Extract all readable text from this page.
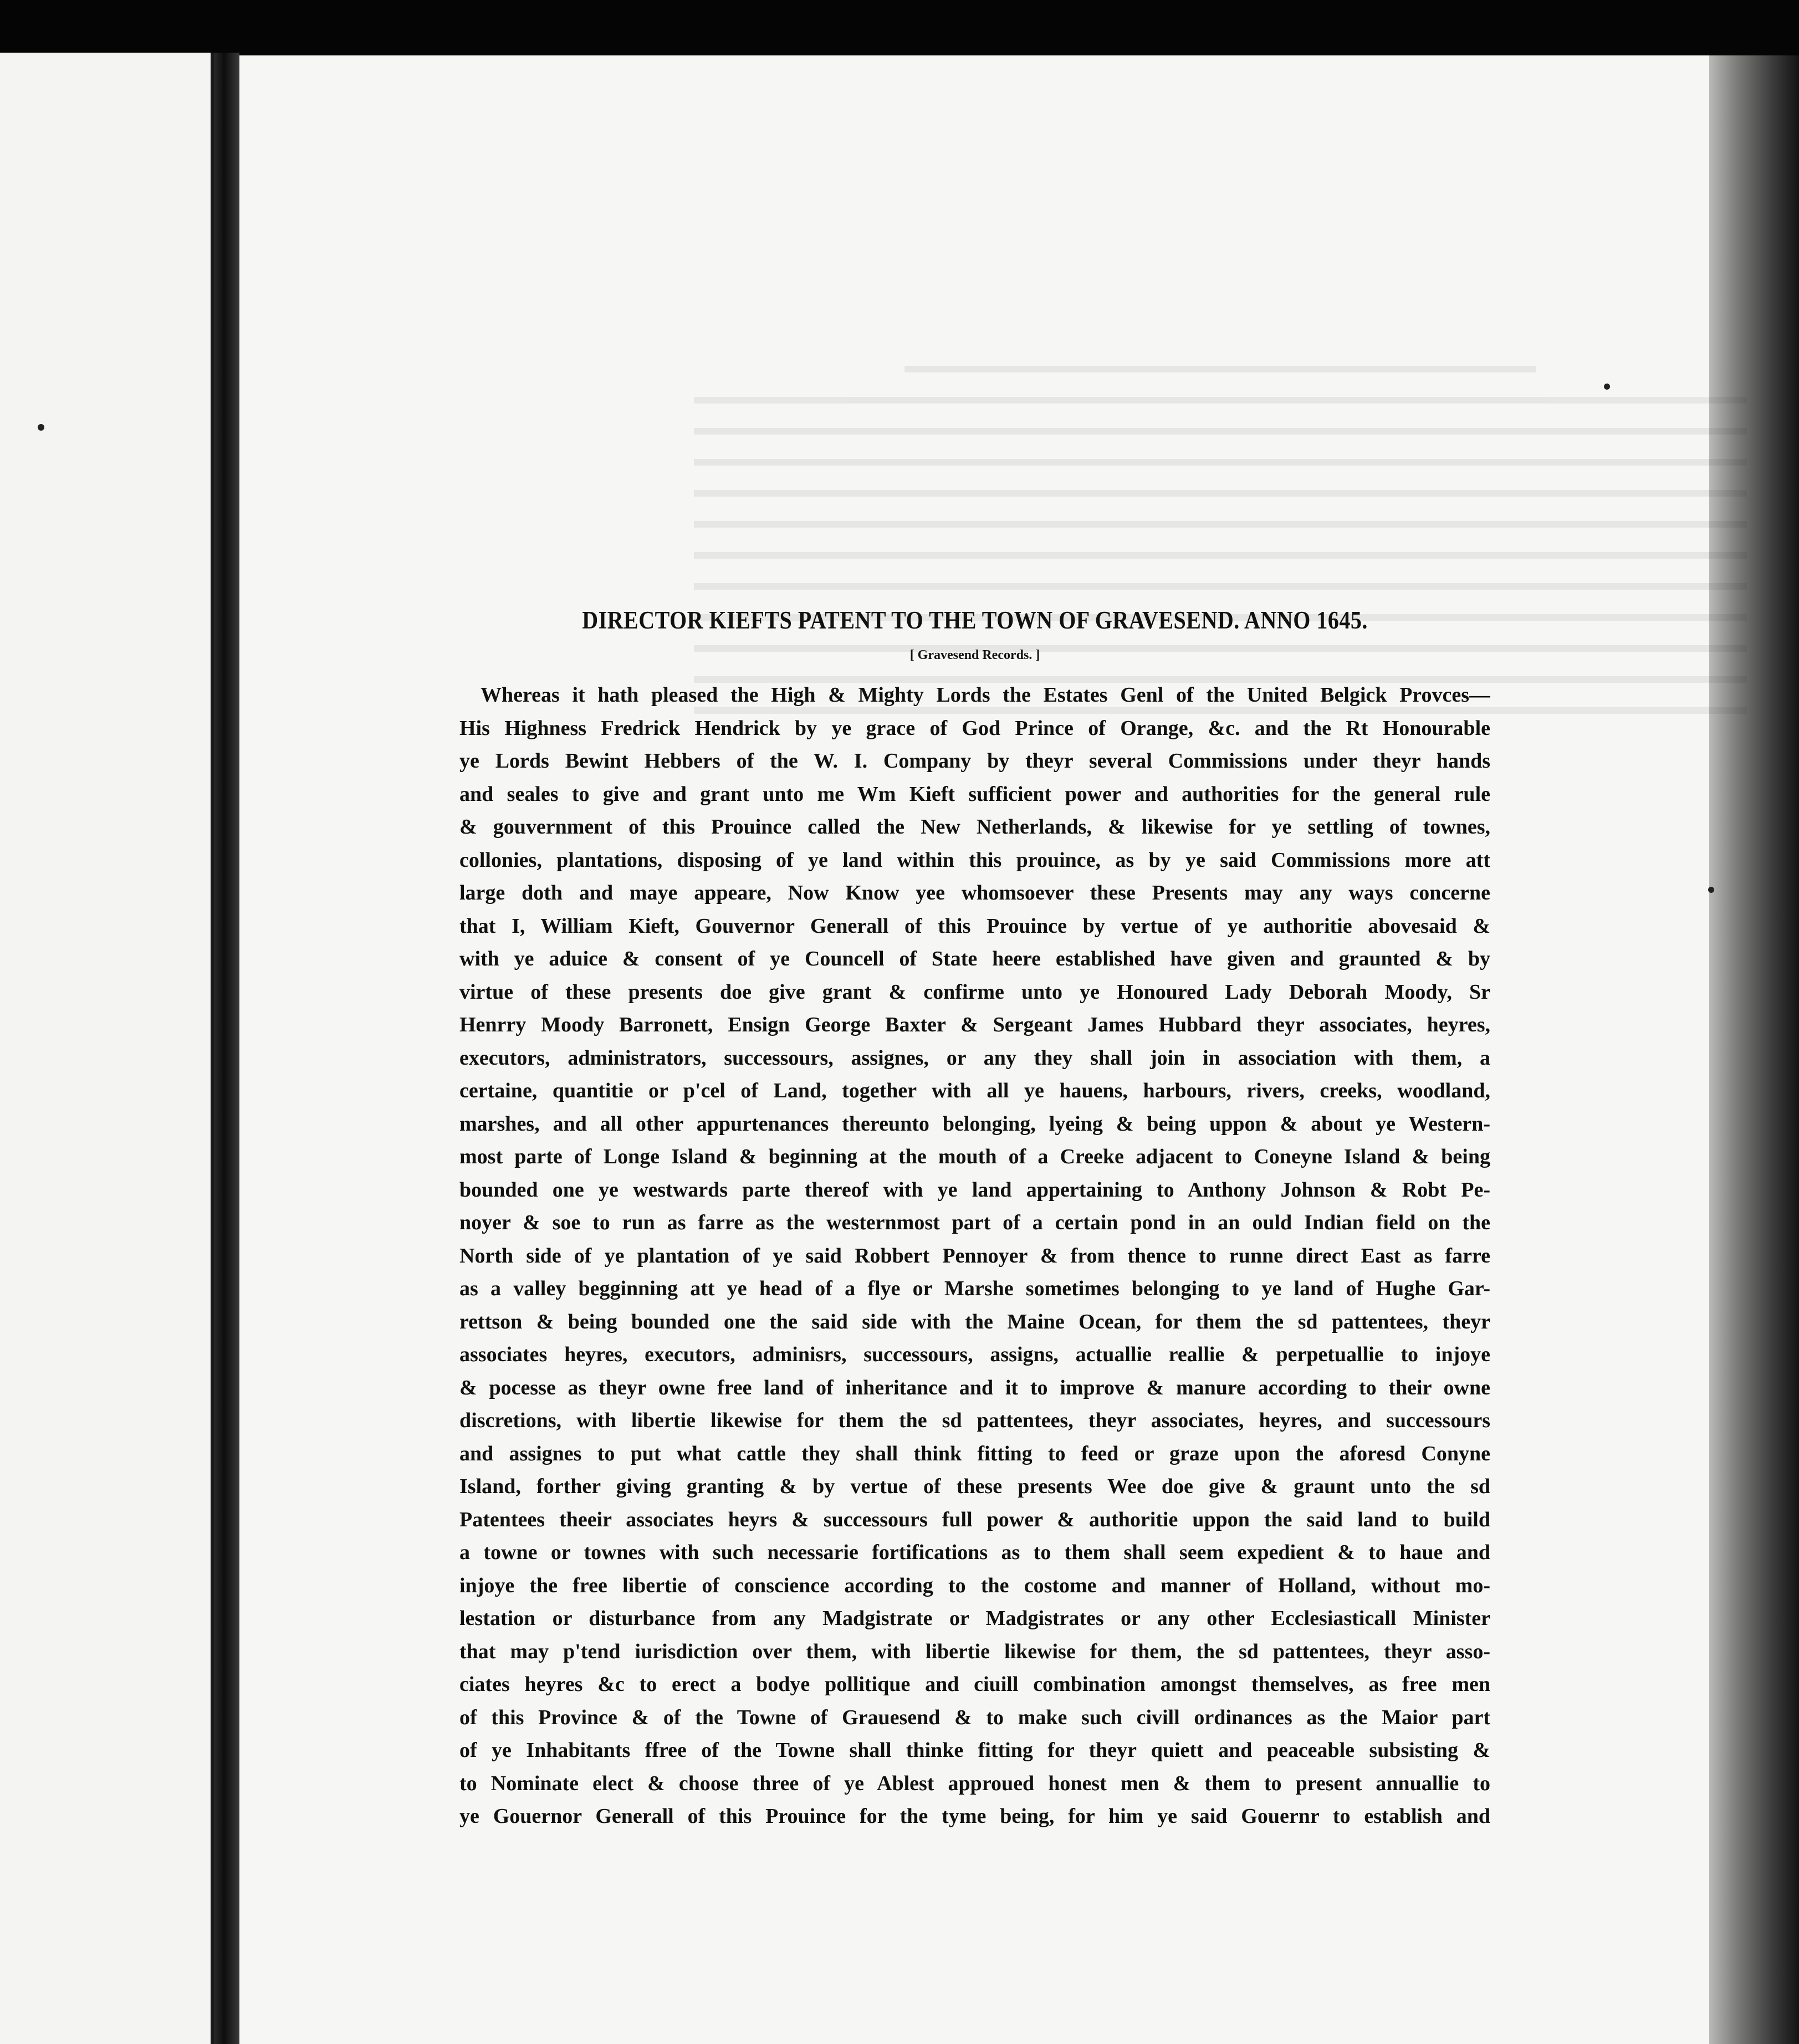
DIRECTOR KIEFTS PATENT TO THE TOWN OF GRAVESEND. ANNO 1645.
[ Gravesend Records. ]
Whereas it hath pleased the High & Mighty Lords the Estates Genl of the United Belgick Provces—
His Highness Fredrick Hendrick by ye grace of God Prince of Orange, &c. and the Rt Honourable
ye Lords Bewint Hebbers of the W. I. Company by theyr several Commissions under theyr hands
and seales to give and grant unto me Wm Kieft sufficient power and authorities for the general rule
& gouvernment of this Prouince called the New Netherlands, & likewise for ye settling of townes,
collonies, plantations, disposing of ye land within this prouince, as by ye said Commissions more att
large doth and maye appeare, Now Know yee whomsoever these Presents may any ways concerne
that I, William Kieft, Gouvernor Generall of this Prouince by vertue of ye authoritie abovesaid &
with ye aduice & consent of ye Councell of State heere established have given and graunted & by
virtue of these presents doe give grant & confirme unto ye Honoured Lady Deborah Moody, Sr
Henrry Moody Barronett, Ensign George Baxter & Sergeant James Hubbard theyr associates, heyres,
executors, administrators, successours, assignes, or any they shall join in association with them, a
certaine, quantitie or p'cel of Land, together with all ye hauens, harbours, rivers, creeks, woodland,
marshes, and all other appurtenances thereunto belonging, lyeing & being uppon & about ye Western-
most parte of Longe Island & beginning at the mouth of a Creeke adjacent to Coneyne Island & being
bounded one ye westwards parte thereof with ye land appertaining to Anthony Johnson & Robt Pe-
noyer & soe to run as farre as the westernmost part of a certain pond in an ould Indian field on the
North side of ye plantation of ye said Robbert Pennoyer & from thence to runne direct East as farre
as a valley begginning att ye head of a flye or Marshe sometimes belonging to ye land of Hughe Gar-
rettson & being bounded one the said side with the Maine Ocean, for them the sd pattentees, theyr
associates heyres, executors, adminisrs, successours, assigns, actuallie reallie & perpetuallie to injoye
& pocesse as theyr owne free land of inheritance and it to improve & manure according to their owne
discretions, with libertie likewise for them the sd pattentees, theyr associates, heyres, and successours
and assignes to put what cattle they shall think fitting to feed or graze upon the aforesd Conyne
Island, forther giving granting & by vertue of these presents Wee doe give & graunt unto the sd
Patentees theeir associates heyrs & successours full power & authoritie uppon the said land to build
a towne or townes with such necessarie fortifications as to them shall seem expedient & to haue and
injoye the free libertie of conscience according to the costome and manner of Holland, without mo-
lestation or disturbance from any Madgistrate or Madgistrates or any other Ecclesiasticall Minister
that may p'tend iurisdiction over them, with libertie likewise for them, the sd pattentees, theyr asso-
ciates heyres &c to erect a bodye pollitique and ciuill combination amongst themselves, as free men
of this Province & of the Towne of Grauesend & to make such civill ordinances as the Maior part
of ye Inhabitants ffree of the Towne shall thinke fitting for theyr quiett and peaceable subsisting &
to Nominate elect & choose three of ye Ablest approued honest men & them to present annuallie to
ye Gouernor Generall of this Prouince for the tyme being, for him ye said Gouernr to establish and
